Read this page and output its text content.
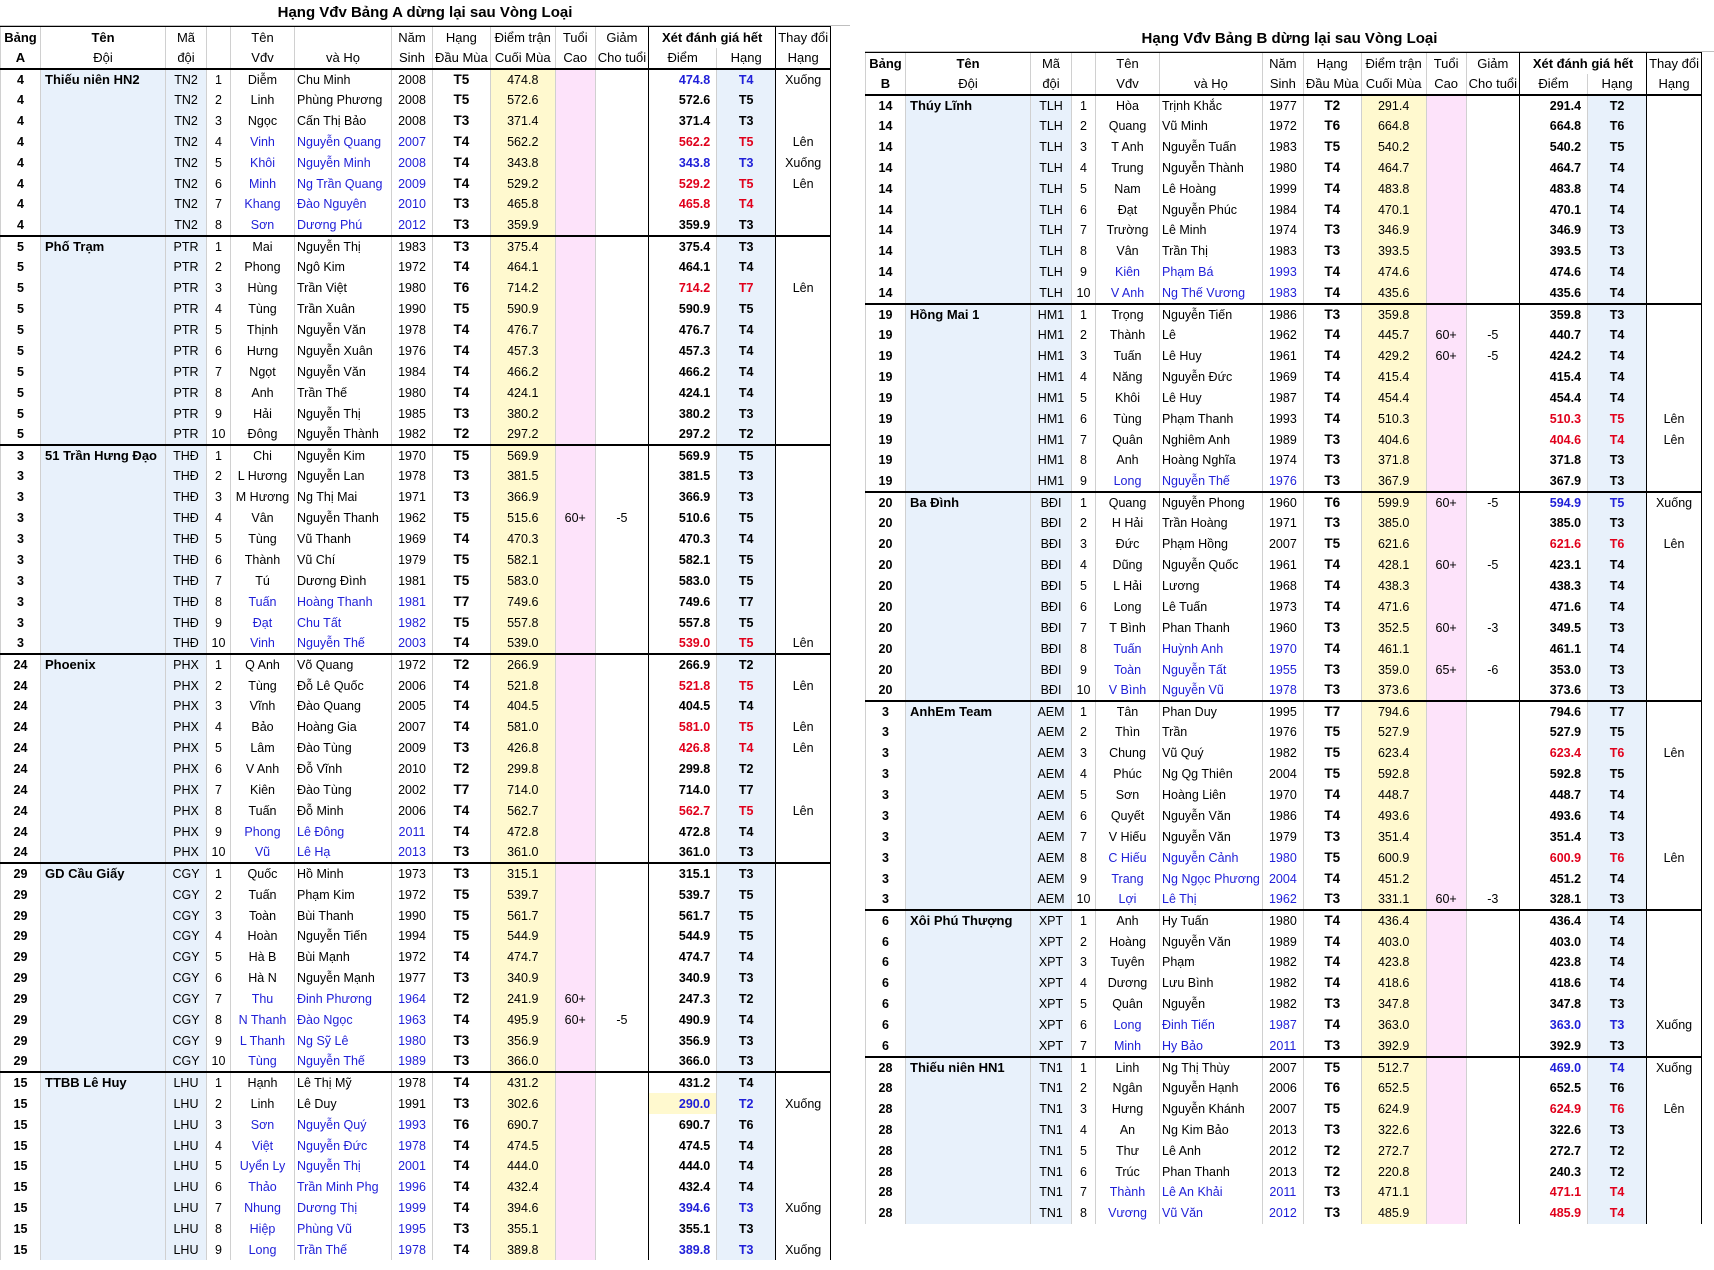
Hạng Vđv Bảng A dừng lại sau Vòng Loại
Bảng	Tên	Mã		Tên		Năm	Hạng	Điểm trận	Tuổi	Giảm	Xét đánh giá hết		Thay đổi
A	Đội	đội		Vđv	và Họ	Sinh	Đầu Mùa	Cuối Mùa	Cao	Cho tuổi	Điểm	Hạng	Hạng
4	Thiếu niên HN2	TN2	1	Diễm	Chu Minh	2008	T5	474.8			474.8	T4	Xuống
4		TN2	2	Linh	Phùng Phương	2008	T5	572.6			572.6	T5	
4		TN2	3	Ngọc	Cấn Thị Bảo	2008	T3	371.4			371.4	T3	
4		TN2	4	Vinh	Nguyễn Quang	2007	T4	562.2			562.2	T5	Lên
4		TN2	5	Khôi	Nguyễn Minh	2008	T4	343.8			343.8	T3	Xuống
4		TN2	6	Minh	Ng Trần Quang	2009	T4	529.2			529.2	T5	Lên
4		TN2	7	Khang	Đào Nguyên	2010	T3	465.8			465.8	T4	
4		TN2	8	Sơn	Dương Phú	2012	T3	359.9			359.9	T3	
5	Phố Trạm	PTR	1	Mai	Nguyễn Thị	1983	T3	375.4			375.4	T3	
5		PTR	2	Phong	Ngô Kim	1972	T4	464.1			464.1	T4	
5		PTR	3	Hùng	Trần Việt	1980	T6	714.2			714.2	T7	Lên
5		PTR	4	Tùng	Trần Xuân	1990	T5	590.9			590.9	T5	
5		PTR	5	Thịnh	Nguyễn Văn	1978	T4	476.7			476.7	T4	
5		PTR	6	Hưng	Nguyễn Xuân	1976	T4	457.3			457.3	T4	
5		PTR	7	Ngọt	Nguyễn Văn	1984	T4	466.2			466.2	T4	
5		PTR	8	Anh	Trần Thế	1980	T4	424.1			424.1	T4	
5		PTR	9	Hải	Nguyễn Thị	1985	T3	380.2			380.2	T3	
5		PTR	10	Đông	Nguyễn Thành	1982	T2	297.2			297.2	T2	
3	51 Trần Hưng Đạo	THĐ	1	Chi	Nguyễn Kim	1970	T5	569.9			569.9	T5	
3		THĐ	2	L Hương	Nguyễn Lan	1978	T3	381.5			381.5	T3	
3		THĐ	3	M Hương	Ng Thị Mai	1971	T3	366.9			366.9	T3	
3		THĐ	4	Vân	Nguyễn Thanh	1962	T5	515.6	60+	-5	510.6	T5	
3		THĐ	5	Tùng	Vũ Thanh	1969	T4	470.3			470.3	T4	
3		THĐ	6	Thành	Vũ Chí	1979	T5	582.1			582.1	T5	
3		THĐ	7	Tú	Dương Đình	1981	T5	583.0			583.0	T5	
3		THĐ	8	Tuấn	Hoàng Thanh	1981	T7	749.6			749.6	T7	
3		THĐ	9	Đạt	Chu Tất	1982	T5	557.8			557.8	T5	
3		THĐ	10	Vinh	Nguyễn Thế	2003	T4	539.0			539.0	T5	Lên
24	Phoenix	PHX	1	Q Anh	Võ Quang	1972	T2	266.9			266.9	T2	
24		PHX	2	Tùng	Đỗ Lê Quốc	2006	T4	521.8			521.8	T5	Lên
24		PHX	3	Vĩnh	Đào Quang	2005	T4	404.5			404.5	T4	
24		PHX	4	Bảo	Hoàng Gia	2007	T4	581.0			581.0	T5	Lên
24		PHX	5	Lâm	Đào Tùng	2009	T3	426.8			426.8	T4	Lên
24		PHX	6	V Anh	Đỗ Vĩnh	2010	T2	299.8			299.8	T2	
24		PHX	7	Kiên	Đào Tùng	2002	T7	714.0			714.0	T7	
24		PHX	8	Tuấn	Đỗ Minh	2006	T4	562.7			562.7	T5	Lên
24		PHX	9	Phong	Lê Đông	2011	T4	472.8			472.8	T4	
24		PHX	10	Vũ	Lê Hạ	2013	T3	361.0			361.0	T3	
29	GD Cầu Giấy	CGY	1	Quốc	Hồ Minh	1973	T3	315.1			315.1	T3	
29		CGY	2	Tuấn	Phạm Kim	1972	T5	539.7			539.7	T5	
29		CGY	3	Toàn	Bùi Thanh	1990	T5	561.7			561.7	T5	
29		CGY	4	Hoàn	Nguyễn Tiến	1994	T5	544.9			544.9	T5	
29		CGY	5	Hà B	Bùi Mạnh	1972	T4	474.7			474.7	T4	
29		CGY	6	Hà N	Nguyễn Mạnh	1977	T3	340.9			340.9	T3	
29		CGY	7	Thu	Đinh Phương	1964	T2	241.9	60+		247.3	T2	
29		CGY	8	N Thanh	Đào Ngọc	1963	T4	495.9	60+	-5	490.9	T4	
29		CGY	9	L Thanh	Ng Sỹ Lê	1980	T3	356.9			356.9	T3	
29		CGY	10	Tùng	Nguyễn Thế	1989	T3	366.0			366.0	T3	
15	TTBB Lê Huy	LHU	1	Hạnh	Lê Thị Mỹ	1978	T4	431.2			431.2	T4	
15		LHU	2	Linh	Lê Duy	1991	T3	302.6			290.0	T2	Xuống
15		LHU	3	Sơn	Nguyễn Quý	1993	T6	690.7			690.7	T6	
15		LHU	4	Việt	Nguyễn Đức	1978	T4	474.5			474.5	T4	
15		LHU	5	Uyển Ly	Nguyễn Thị	2001	T4	444.0			444.0	T4	
15		LHU	6	Thảo	Trần Minh Phg	1996	T4	432.4			432.4	T4	
15		LHU	7	Nhung	Dương Thị	1999	T4	394.6			394.6	T3	Xuống
15		LHU	8	Hiệp	Phùng Vũ	1995	T3	355.1			355.1	T3	
15		LHU	9	Long	Trần Thế	1978	T4	389.8			389.8	T3	Xuống
Hạng Vđv Bảng B dừng lại sau Vòng Loại
Bảng	Tên	Mã		Tên		Năm	Hạng	Điểm trận	Tuổi	Giảm	Xét đánh giá hết		Thay đổi
B	Đội	đội		Vđv	và Họ	Sinh	Đầu Mùa	Cuối Mùa	Cao	Cho tuổi	Điểm	Hạng	Hạng
14	Thúy Lĩnh	TLH	1	Hòa	Trịnh Khắc	1977	T2	291.4			291.4	T2	
14		TLH	2	Quang	Vũ Minh	1972	T6	664.8			664.8	T6	
14		TLH	3	T Anh	Nguyễn Tuấn	1983	T5	540.2			540.2	T5	
14		TLH	4	Trung	Nguyễn Thành	1980	T4	464.7			464.7	T4	
14		TLH	5	Nam	Lê Hoàng	1999	T4	483.8			483.8	T4	
14		TLH	6	Đạt	Nguyễn Phúc	1984	T4	470.1			470.1	T4	
14		TLH	7	Trường	Lê Minh	1974	T3	346.9			346.9	T3	
14		TLH	8	Vân	Trần Thị	1983	T3	393.5			393.5	T3	
14		TLH	9	Kiên	Phạm Bá	1993	T4	474.6			474.6	T4	
14		TLH	10	V Anh	Ng Thế Vương	1983	T4	435.6			435.6	T4	
19	Hồng Mai 1	HM1	1	Trọng	Nguyễn Tiến	1986	T3	359.8			359.8	T3	
19		HM1	2	Thành	Lê	1962	T4	445.7	60+	-5	440.7	T4	
19		HM1	3	Tuấn	Lê Huy	1961	T4	429.2	60+	-5	424.2	T4	
19		HM1	4	Năng	Nguyễn Đức	1969	T4	415.4			415.4	T4	
19		HM1	5	Khôi	Lê Huy	1987	T4	454.4			454.4	T4	
19		HM1	6	Tùng	Phạm Thanh	1993	T4	510.3			510.3	T5	Lên
19		HM1	7	Quân	Nghiêm Anh	1989	T3	404.6			404.6	T4	Lên
19		HM1	8	Anh	Hoàng Nghĩa	1974	T3	371.8			371.8	T3	
19		HM1	9	Long	Nguyễn Thế	1976	T3	367.9			367.9	T3	
20	Ba Đình	BĐI	1	Quang	Nguyễn Phong	1960	T6	599.9	60+	-5	594.9	T5	Xuống
20		BĐI	2	H Hải	Trần Hoàng	1971	T3	385.0			385.0	T3	
20		BĐI	3	Đức	Phạm Hồng	2007	T5	621.6			621.6	T6	Lên
20		BĐI	4	Dũng	Nguyễn Quốc	1961	T4	428.1	60+	-5	423.1	T4	
20		BĐI	5	L Hải	Lương	1968	T4	438.3			438.3	T4	
20		BĐI	6	Long	Lê Tuấn	1973	T4	471.6			471.6	T4	
20		BĐI	7	T Bình	Phan Thanh	1960	T3	352.5	60+	-3	349.5	T3	
20		BĐI	8	Tuấn	Huỳnh Anh	1970	T4	461.1			461.1	T4	
20		BĐI	9	Toàn	Nguyễn Tất	1955	T3	359.0	65+	-6	353.0	T3	
20		BĐI	10	V Bình	Nguyễn Vũ	1978	T3	373.6			373.6	T3	
3	AnhEm Team	AEM	1	Tân	Phan Duy	1995	T7	794.6			794.6	T7	
3		AEM	2	Thìn	Trần	1976	T5	527.9			527.9	T5	
3		AEM	3	Chung	Vũ Quý	1982	T5	623.4			623.4	T6	Lên
3		AEM	4	Phúc	Ng Qg Thiên	2004	T5	592.8			592.8	T5	
3		AEM	5	Sơn	Hoàng Liên	1970	T4	448.7			448.7	T4	
3		AEM	6	Quyết	Nguyễn Văn	1986	T4	493.6			493.6	T4	
3		AEM	7	V Hiếu	Nguyễn Văn	1979	T3	351.4			351.4	T3	
3		AEM	8	C Hiếu	Nguyễn Cảnh	1980	T5	600.9			600.9	T6	Lên
3		AEM	9	Trang	Ng Ngọc Phương	2004	T4	451.2			451.2	T4	
3		AEM	10	Lợi	Lê Thị	1962	T3	331.1	60+	-3	328.1	T3	
6	Xôi Phú Thượng	XPT	1	Anh	Hy Tuấn	1980	T4	436.4			436.4	T4	
6		XPT	2	Hoàng	Nguyễn Văn	1989	T4	403.0			403.0	T4	
6		XPT	3	Tuyên	Phạm	1982	T4	423.8			423.8	T4	
6		XPT	4	Dương	Lưu Bình	1982	T4	418.6			418.6	T4	
6		XPT	5	Quân	Nguyễn	1982	T3	347.8			347.8	T3	
6		XPT	6	Long	Đinh Tiến	1987	T4	363.0			363.0	T3	Xuống
6		XPT	7	Minh	Hy Bảo	2011	T3	392.9			392.9	T3	
28	Thiếu niên HN1	TN1	1	Linh	Ng Thị Thùy	2007	T5	512.7			469.0	T4	Xuống
28		TN1	2	Ngân	Nguyễn Hạnh	2006	T6	652.5			652.5	T6	
28		TN1	3	Hưng	Nguyễn Khánh	2007	T5	624.9			624.9	T6	Lên
28		TN1	4	An	Ng Kim Bảo	2013	T3	322.6			322.6	T3	
28		TN1	5	Thư	Lê Anh	2012	T2	272.7			272.7	T2	
28		TN1	6	Trúc	Phan Thanh	2013	T2	220.8			240.3	T2	
28		TN1	7	Thành	Lê An Khải	2011	T3	471.1			471.1	T4	
28		TN1	8	Vương	Vũ Văn	2012	T3	485.9			485.9	T4	
